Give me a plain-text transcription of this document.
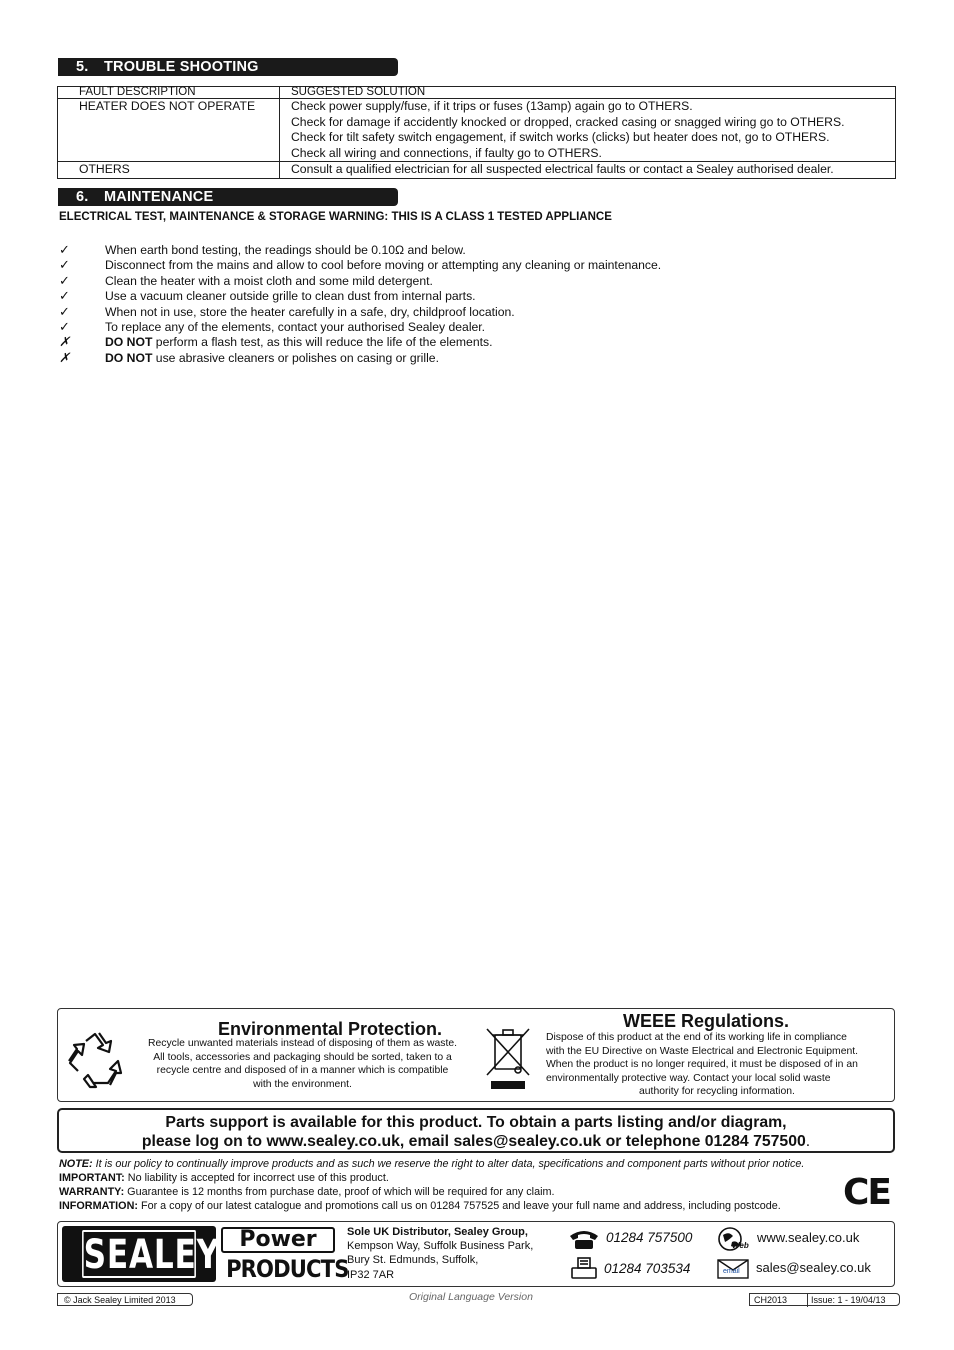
5. TROUBLE SHOOTING
FAULT DESCRIPTION	SUGGESTED SOLUTION
HEATER DOES NOT OPERATE	Check power supply/fuse, if it trips or fuses (13amp) again go to OTHERS.
Check for damage if accidently knocked or dropped, cracked casing or snagged wiring go to OTHERS.
Check for tilt safety switch engagement, if switch works (clicks) but heater does not, go to OTHERS.
Check all wiring and connections, if faulty go to OTHERS.

OTHERS	Consult a qualified electrician for all suspected electrical faults or contact a Sealey authorised dealer.
6. MAINTENANCE
ELECTRICAL TEST, MAINTENANCE & STORAGE WARNING: THIS IS A CLASS 1 TESTED APPLIANCE
✓	When earth bond testing, the readings should be 0.10Ω and below.
✓	Disconnect from the mains and allow to cool before moving or attempting any cleaning or maintenance.
✓	Clean the heater with a moist cloth and some mild detergent.
✓	Use a vacuum cleaner outside grille to clean dust from internal parts.
✓	When not in use, store the heater carefully in a safe, dry, childproof location.
✓	To replace any of the elements, contact your authorised Sealey dealer.
✗	DO NOT perform a flash test, as this will reduce the life of the elements.
✗	DO NOT use abrasive cleaners or polishes on casing or grille.
Environmental Protection.
Recycle unwanted materials instead of disposing of them as waste.
All tools, accessories and packaging should be sorted, taken to a
recycle centre and disposed of in a manner which is compatible
with the environment.
WEEE Regulations.
Dispose of this product at the end of its working life in compliance
with the EU Directive on Waste Electrical and Electronic Equipment.
When the product is no longer required, it must be disposed of in an
environmentally protective way. Contact your local solid waste
authority for recycling information.
Parts support is available for this product. To obtain a parts listing and/or diagram,
please log on to www.sealey.co.uk, email sales@sealey.co.uk or telephone 01284 757500.
NOTE: It is our policy to continually improve products and as such we reserve the right to alter data, specifications and component parts without prior notice.
IMPORTANT: No liability is accepted for incorrect use of this product.
WARRANTY: Guarantee is 12 months from purchase date, proof of which will be required for any claim.
INFORMATION: For a copy of our latest catalogue and promotions call us on 01284 757525 and leave your full name and address, including postcode.	CE
SEALEY Power
PRODUCTS
Sole UK Distributor, Sealey Group,
Kempson Way, Suffolk Business Park,
Bury St. Edmunds, Suffolk,
IP32 7AR
01284 757500
01284 703534
Web
www.sealey.co.uk
email sales@sealey.co.uk
© Jack Sealey Limited 2013	Original Language Version	CH2013	Issue: 1 - 19/04/13
